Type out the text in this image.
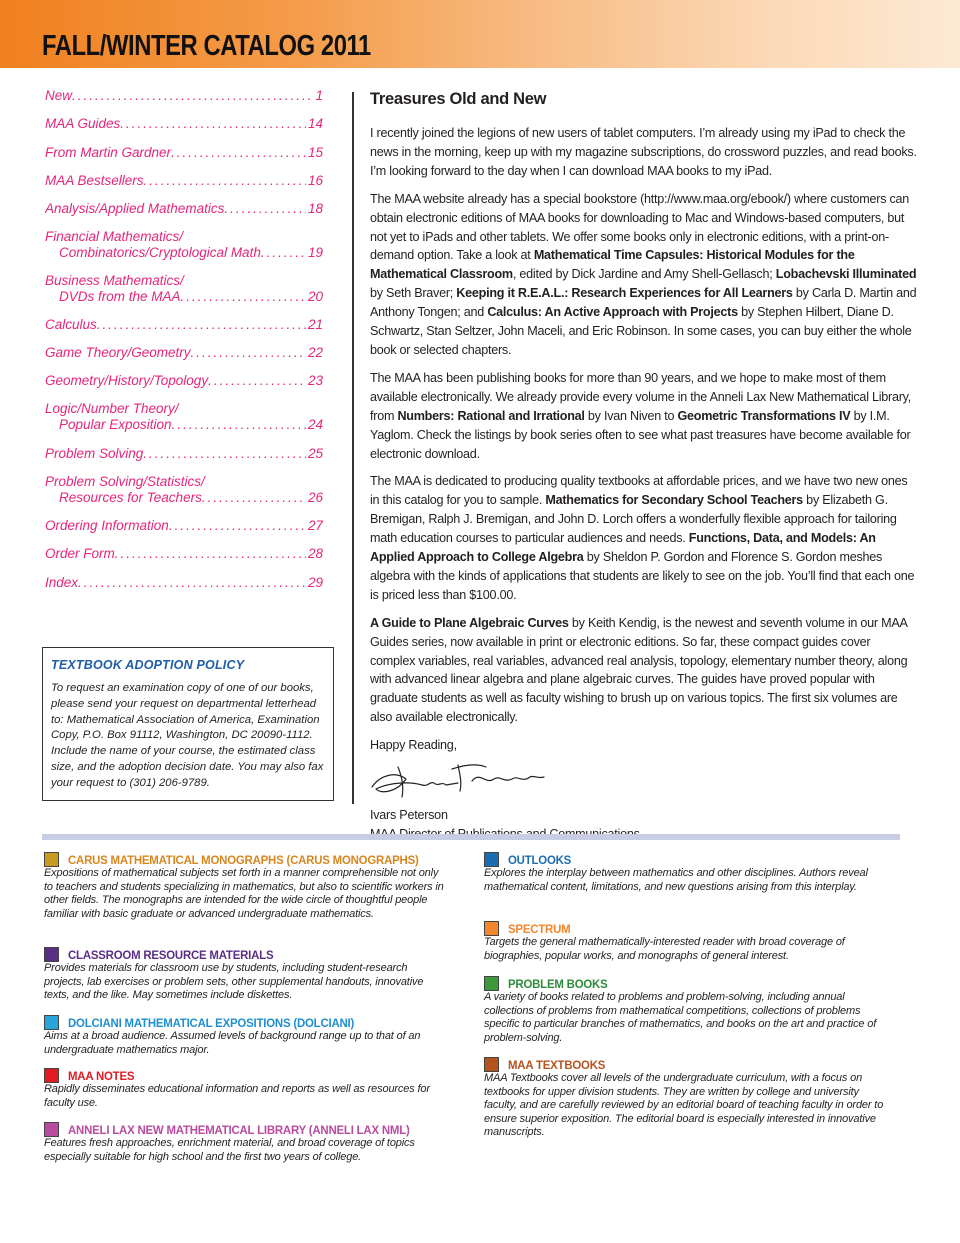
FALL/WINTER CATALOG 2011
New .....	1
MAA Guides .....	14
From Martin Gardner .....	15
MAA Bestsellers .....	16
Analysis/Applied Mathematics .....	18
Financial Mathematics/
Combinatorics/Cryptological Math .....	19
Business Mathematics/
DVDs from the MAA .....	20
Calculus .....	21
Game Theory/Geometry .....	22
Geometry/History/Topology .....	23
Logic/Number Theory/
Popular Exposition .....	24
Problem Solving .....	25
Problem Solving/Statistics/
Resources for Teachers .....	26
Ordering Information .....	27
Order Form .....	28
Index .....	29
TEXTBOOK ADOPTION POLICY
To request an examination copy of one of our books, please send your request on departmental letterhead to: Mathematical Association of America, Examination Copy, P.O. Box 91112, Washington, DC 20090-1112. Include the name of your course, the estimated class size, and the adoption decision date. You may also fax your request to (301) 206-9789.
Treasures Old and New

I recently joined the legions of new users of tablet computers. I’m already using my iPad to check the news in the morning, keep up with my magazine subscriptions, do crossword puzzles, and read books. I’m looking forward to the day when I can download MAA books to my iPad.

The MAA website already has a special bookstore (http://www.maa.org/ebook/) where customers can obtain electronic editions of MAA books for downloading to Mac and Windows-based computers, but not yet to iPads and other tablets. We offer some books only in electronic editions, with a print-on-demand option. Take a look at Mathematical Time Capsules: Historical Modules for the Mathematical Classroom, edited by Dick Jardine and Amy Shell-Gellasch; Lobachevski Illuminated by Seth Braver; Keeping it R.E.A.L.: Research Experiences for All Learners by Carla D. Martin and Anthony Tongen; and Calculus: An Active Approach with Projects by Stephen Hilbert, Diane D. Schwartz, Stan Seltzer, John Maceli, and Eric Robinson. In some cases, you can buy either the whole book or selected chapters.

The MAA has been publishing books for more than 90 years, and we hope to make most of them available electronically. We already provide every volume in the Anneli Lax New Mathematical Library, from Numbers: Rational and Irrational by Ivan Niven to Geometric Transformations IV by I.M. Yaglom. Check the listings by book series often to see what past treasures have become available for electronic download.

The MAA is dedicated to producing quality textbooks at affordable prices, and we have two new ones in this catalog for you to sample. Mathematics for Secondary School Teachers by Elizabeth G. Bremigan, Ralph J. Bremigan, and John D. Lorch offers a wonderfully flexible approach for tailoring math education courses to particular audiences and needs. Functions, Data, and Models: An Applied Approach to College Algebra by Sheldon P. Gordon and Florence S. Gordon meshes algebra with the kinds of applications that students are likely to see on the job. You’ll find that each one is priced less than $100.00.

A Guide to Plane Algebraic Curves by Keith Kendig, is the newest and seventh volume in our MAA Guides series, now available in print or electronic editions. So far, these compact guides cover complex variables, real variables, advanced real analysis, topology, elementary number theory, along with advanced linear algebra and plane algebraic curves. The guides have proved popular with graduate students as well as faculty wishing to brush up on various topics. The first six volumes are also available electronically.

Happy Reading,
Ivars Peterson
CARUS MATHEMATICAL MONOGRAPHS (CARUS MONOGRAPHS)
Expositions of mathematical subjects set forth in a manner comprehensible not only to teachers and students specializing in mathematics, but also to scientific workers in other fields. The monographs are intended for the wide circle of thoughtful people familiar with basic graduate or advanced undergraduate mathematics.
CLASSROOM RESOURCE MATERIALS
Provides materials for classroom use by students, including student-research projects, lab exercises or problem sets, other supplemental handouts, innovative texts, and the like. May sometimes include diskettes.
DOLCIANI MATHEMATICAL EXPOSITIONS (DOLCIANI)
Aims at a broad audience. Assumed levels of background range up to that of an undergraduate mathematics major.
MAA NOTES
Rapidly disseminates educational information and reports as well as resources for faculty use.
ANNELI LAX NEW MATHEMATICAL LIBRARY (ANNELI LAX NML)
Features fresh approaches, enrichment material, and broad coverage of topics especially suitable for high school and the first two years of college.
OUTLOOKS
Explores the interplay between mathematics and other disciplines. Authors reveal mathematical content, limitations, and new questions arising from this interplay.
SPECTRUM
Targets the general mathematically-interested reader with broad coverage of biographies, popular works, and monographs of general interest.
PROBLEM BOOKS
A variety of books related to problems and problem-solving, including annual collections of problems from mathematical competitions, collections of problems specific to particular branches of mathematics, and books on the art and practice of problem-solving.
MAA TEXTBOOKS
MAA Textbooks cover all levels of the undergraduate curriculum, with a focus on textbooks for upper division students. They are written by college and university faculty, and are carefully reviewed by an editorial board of teaching faculty in order to ensure superior exposition. The editorial board is especially interested in innovative manuscripts.
